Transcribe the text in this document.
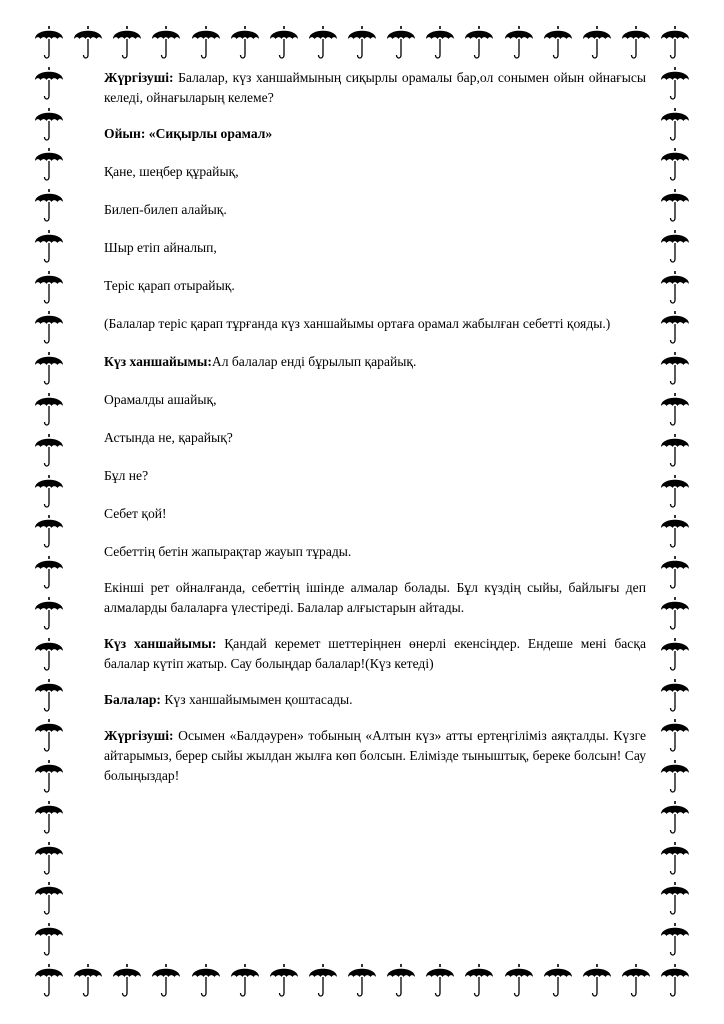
Жүргізуші: Балалар, күз ханшаймының сиқырлы орамалы бар,ол сонымен ойын ойнағысы келеді, ойнағыларың келеме?

Ойын: «Сиқырлы орамал»

Қане, шеңбер құрайық,

Билеп-билеп алайық.

Шыр етіп айналып,

Теріс қарап отырайық.

(Балалар теріс қарап тұрғанда күз ханшайымы ортаға орамал жабылған себетті қояды.)

Күз ханшайымы:Ал балалар енді бұрылып қарайық.

Орамалды ашайық,

Астында не, қарайық?

Бұл не?

Себет қой!

Себеттің бетін жапырақтар жауып тұрады.

Екінші рет ойналғанда, себеттің ішінде алмалар болады. Бұл күздің сыйы, байлығы деп алмаларды балаларға үлестіреді. Балалар алғыстарын айтады.

Күз ханшайымы: Қандай керемет шеттеріңнен өнерлі екенсіңдер. Ендеше мені басқа балалар күтіп жатыр. Сау болыңдар балалар!(Күз кетеді)

Балалар: Күз ханшайымымен қоштасады.

Жүргізуші: Осымен «Балдәурен» тобының «Алтын күз» атты ертеңгіліміз аяқталды. Күзге айтарымыз, берер сыйы жылдан жылға көп болсын. Елімізде тыныштық, береке болсын! Сау болыңыздар!
